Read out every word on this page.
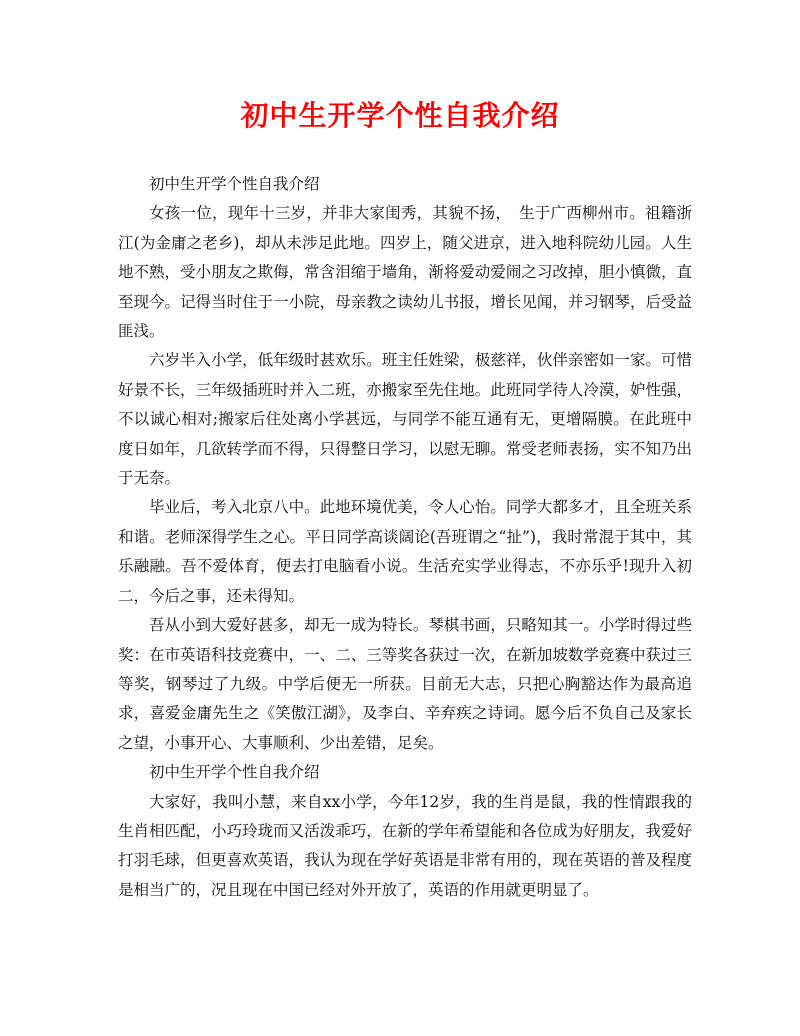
初中生开学个性自我介绍

初中生开学个性自我介绍

女孩一位，现年十三岁，并非大家闺秀，其貌不扬，　生于广西柳州市。祖籍浙江(为金庸之老乡)，却从未涉足此地。四岁上，随父进京，进入地科院幼儿园。人生地不熟，受小朋友之欺侮，常含泪缩于墙角，渐将爱动爱闹之习改掉，胆小慎微，直至现今。记得当时住于一小院，母亲教之读幼儿书报，增长见闻，并习钢琴，后受益匪浅。

六岁半入小学，低年级时甚欢乐。班主任姓梁，极慈祥，伙伴亲密如一家。可惜好景不长，三年级插班时并入二班，亦搬家至先住地。此班同学待人冷漠，妒性强，不以诚心相对;搬家后住处离小学甚远，与同学不能互通有无，更增隔膜。在此班中度日如年，几欲转学而不得，只得整日学习，以慰无聊。常受老师表扬，实不知乃出于无奈。

毕业后，考入北京八中。此地环境优美，令人心怡。同学大都多才，且全班关系和谐。老师深得学生之心。平日同学高谈阔论(吾班谓之“扯”)，我时常混于其中，其乐融融。吾不爱体育，便去打电脑看小说。生活充实学业得志，不亦乐乎!现升入初二，今后之事，还未得知。

吾从小到大爱好甚多，却无一成为特长。琴棋书画，只略知其一。小学时得过些奖：在市英语科技竞赛中，一、二、三等奖各获过一次，在新加坡数学竞赛中获过三等奖，钢琴过了九级。中学后便无一所获。目前无大志，只把心胸豁达作为最高追求，喜爱金庸先生之《笑傲江湖》，及李白、辛弃疾之诗词。愿今后不负自己及家长之望，小事开心、大事顺利、少出差错，足矣。

初中生开学个性自我介绍

大家好，我叫小慧，来自xx小学，今年12岁，我的生肖是鼠，我的性情跟我的生肖相匹配，小巧玲珑而又活泼乖巧，在新的学年希望能和各位成为好朋友，我爱好打羽毛球，但更喜欢英语，我认为现在学好英语是非常有用的，现在英语的普及程度是相当广的，况且现在中国已经对外开放了，英语的作用就更明显了。
